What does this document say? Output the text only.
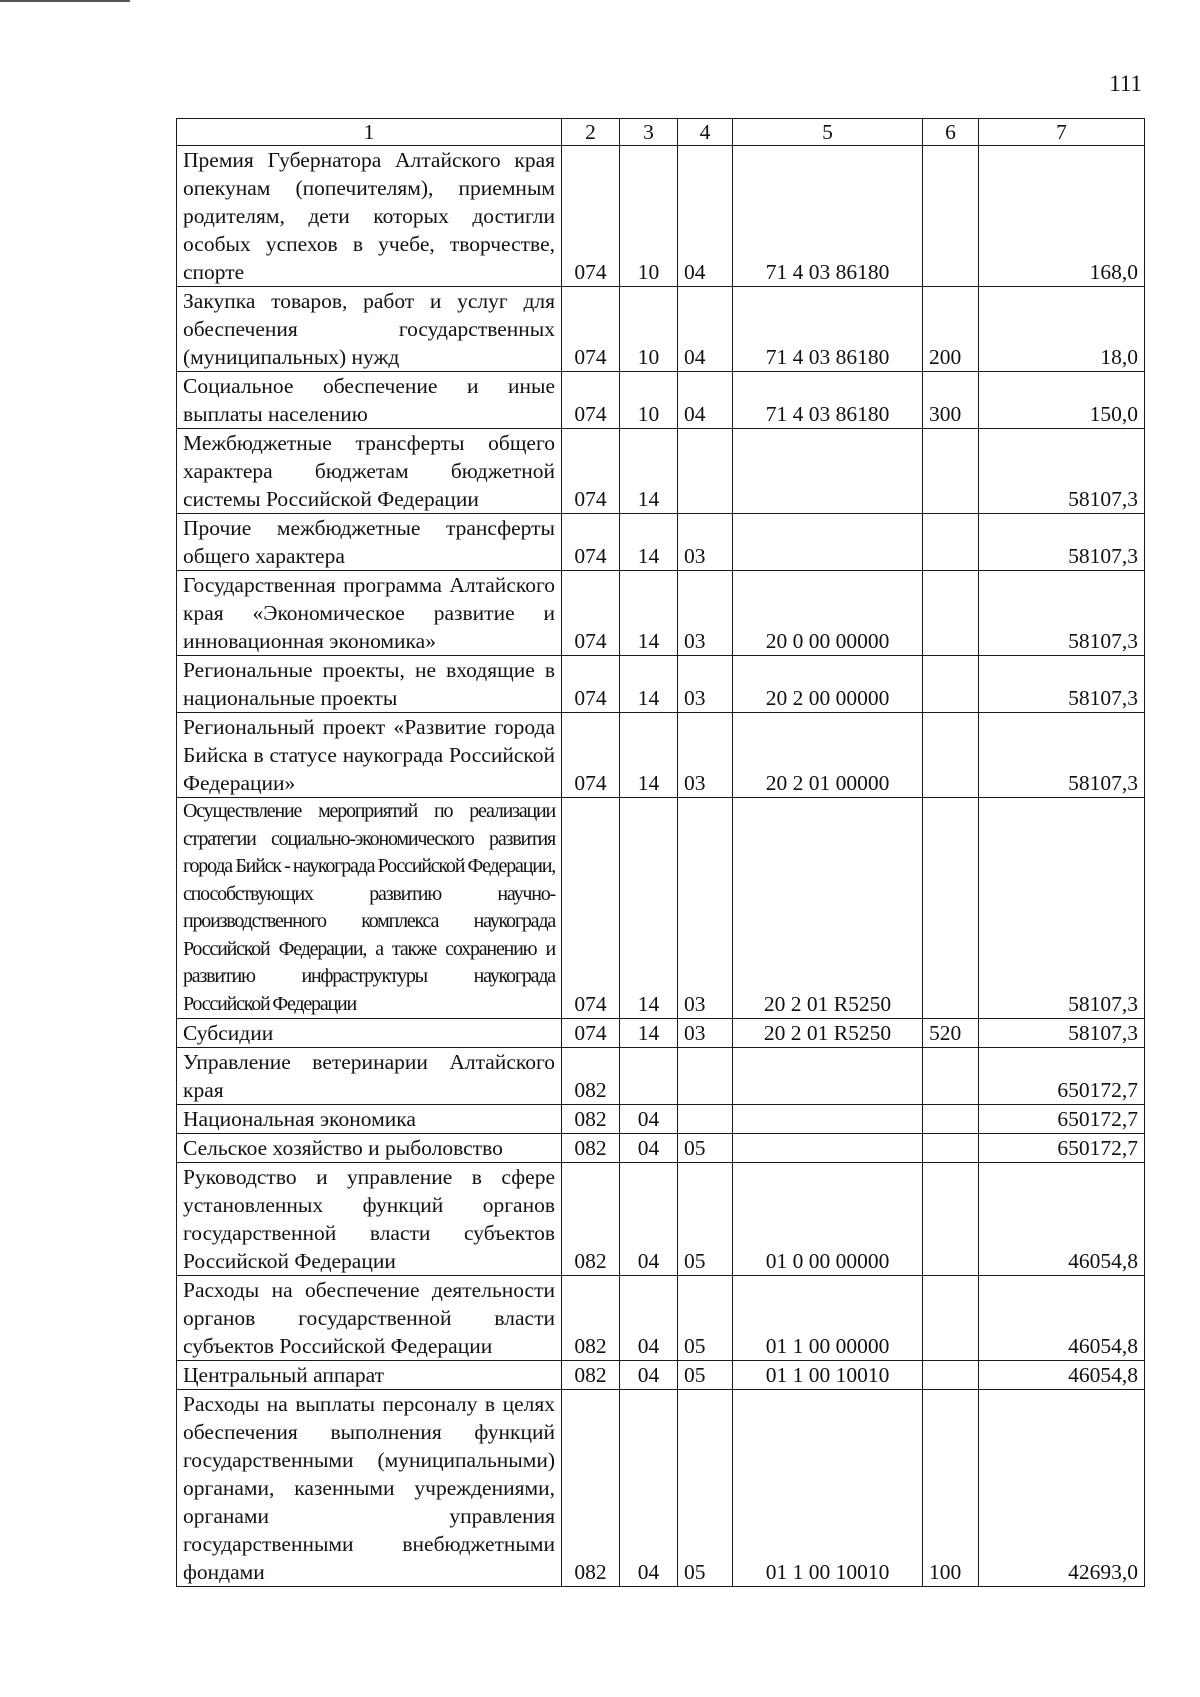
111
1	2	3	4	5	6	7
Премия Губернатора Алтайского края опекунам (попечителям), приемным родителям, дети которых достигли особых успехов в учебе, творчестве, спорте	074	10	04	71 4 03 86180		168,0
Закупка товаров, работ и услуг для обеспечения государственных (муниципальных) нужд	074	10	04	71 4 03 86180	200	18,0
Социальное обеспечение и иные выплаты населению	074	10	04	71 4 03 86180	300	150,0
Межбюджетные трансферты общего характера бюджетам бюджетной системы Российской Федерации	074	14				58107,3
Прочие межбюджетные трансферты общего характера	074	14	03			58107,3
Государственная программа Алтайского края «Экономическое развитие и инновационная экономика»	074	14	03	20 0 00 00000		58107,3
Региональные проекты, не входящие в национальные проекты	074	14	03	20 2 00 00000		58107,3
Региональный проект «Развитие города Бийска в статусе наукограда Российской Федерации»	074	14	03	20 2 01 00000		58107,3
Осуществление мероприятий по реализации стратегии социально-экономического развития города Бийск - наукограда Российской Федерации, способствующих развитию научно-производственного комплекса наукограда Российской Федерации, а также сохранению и развитию инфраструктуры наукограда Российской Федерации	074	14	03	20 2 01 R5250		58107,3
Субсидии	074	14	03	20 2 01 R5250	520	58107,3
Управление ветеринарии Алтайского края	082					650172,7
Национальная экономика	082	04				650172,7
Сельское хозяйство и рыболовство	082	04	05			650172,7
Руководство и управление в сфере установленных функций органов государственной власти субъектов Российской Федерации	082	04	05	01 0 00 00000		46054,8
Расходы на обеспечение деятельности органов государственной власти субъектов Российской Федерации	082	04	05	01 1 00 00000		46054,8
Центральный аппарат	082	04	05	01 1 00 10010		46054,8
Расходы на выплаты персоналу в целях обеспечения выполнения функций государственными (муниципальными) органами, казенными учреждениями, органами управления государственными внебюджетными фондами	082	04	05	01 1 00 10010	100	42693,0
